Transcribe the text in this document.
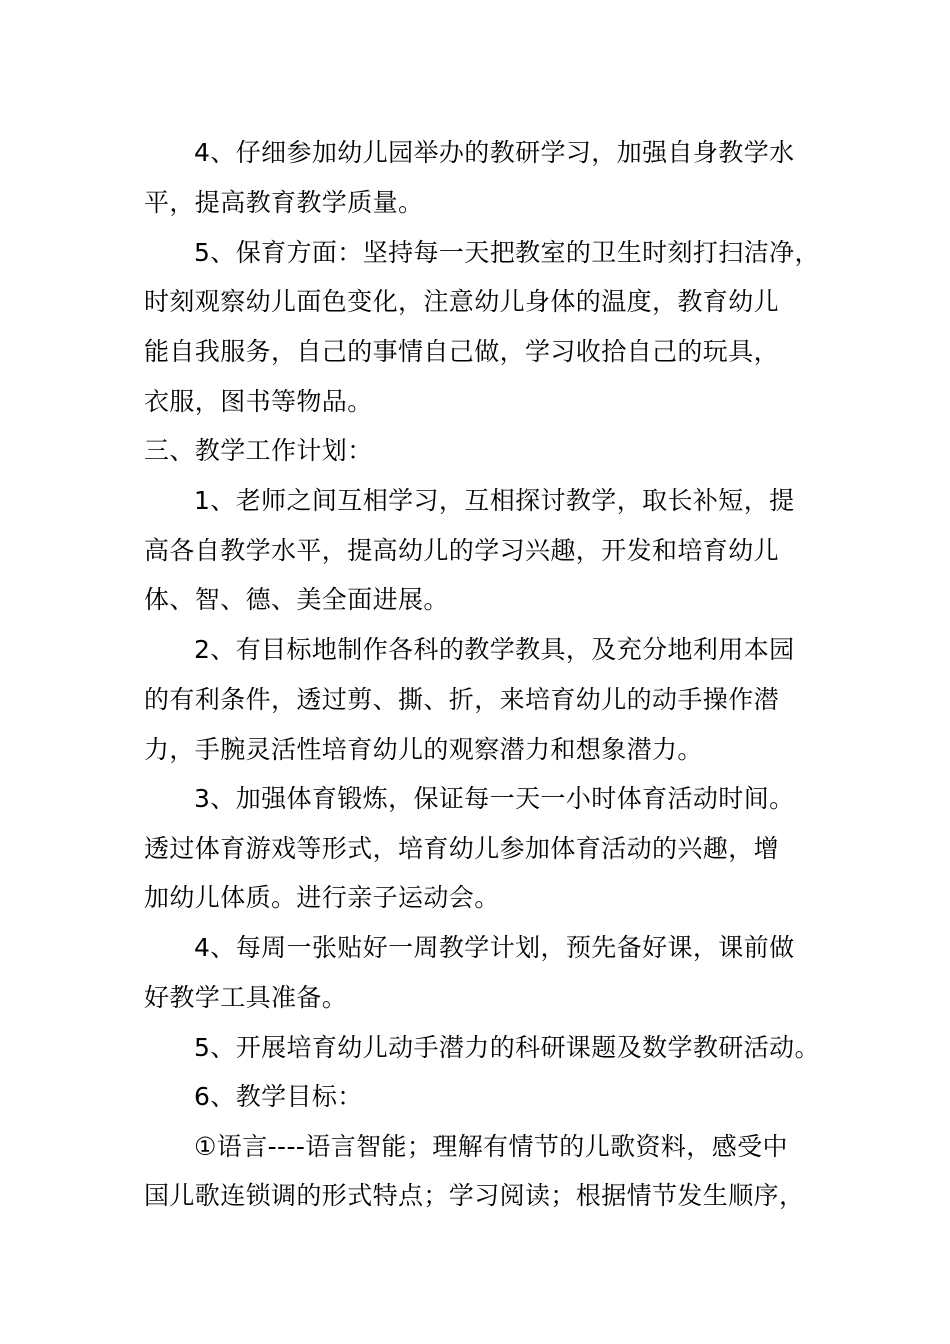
4、仔细参加幼儿园举办的教研学习，加强自身教学水
平，提高教育教学质量。
5、保育方面：坚持每一天把教室的卫生时刻打扫洁净，
时刻观察幼儿面色变化，注意幼儿身体的温度，教育幼儿
能自我服务，自己的事情自己做，学习收拾自己的玩具，
衣服，图书等物品。
三、教学工作计划：
1、老师之间互相学习，互相探讨教学，取长补短，提
高各自教学水平，提高幼儿的学习兴趣，开发和培育幼儿
体、智、德、美全面进展。
2、有目标地制作各科的教学教具，及充分地利用本园
的有利条件，透过剪、撕、折，来培育幼儿的动手操作潜
力，手腕灵活性培育幼儿的观察潜力和想象潜力。
3、加强体育锻炼，保证每一天一小时体育活动时间。
透过体育游戏等形式，培育幼儿参加体育活动的兴趣，增
加幼儿体质。进行亲子运动会。
4、每周一张贴好一周教学计划，预先备好课，课前做
好教学工具准备。
5、开展培育幼儿动手潜力的科研课题及数学教研活动。
6、教学目标：
①语言----语言智能；理解有情节的儿歌资料，感受中
国儿歌连锁调的形式特点；学习阅读；根据情节发生顺序，
